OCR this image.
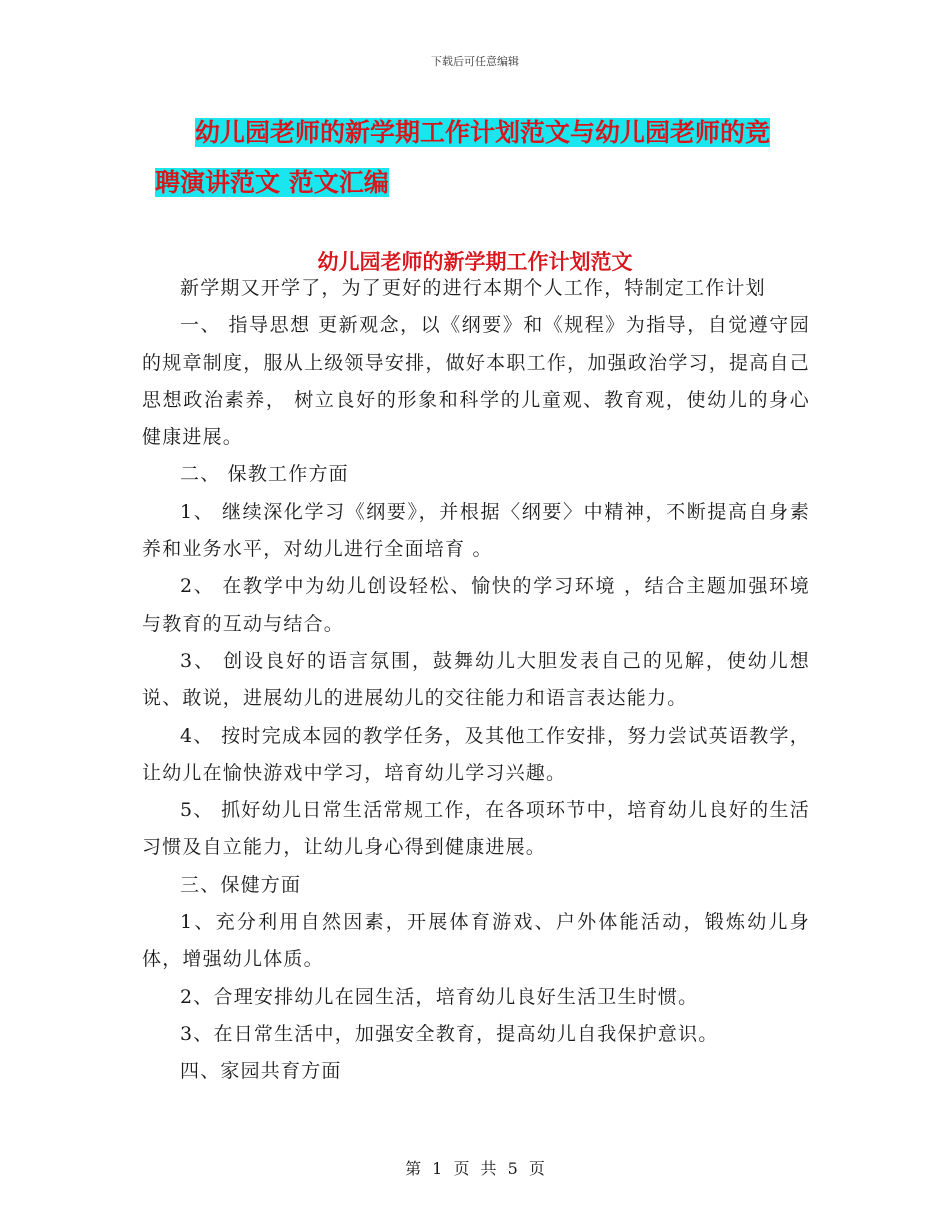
下载后可任意编辑
幼儿园老师的新学期工作计划范文与幼儿园老师的竞
聘演讲范文 范文汇编
幼儿园老师的新学期工作计划范文

新学期又开学了，为了更好的进行本期个人工作，特制定工作计划

一、 指导思想 更新观念，以《纲要》和《规程》为指导，自觉遵守园的规章制度，服从上级领导安排，做好本职工作，加强政治学习，提高自己思想政治素养， 树立良好的形象和科学的儿童观、教育观，使幼儿的身心健康进展。

二、 保教工作方面

1、 继续深化学习《纲要》，并根据〈纲要〉中精神，不断提高自身素养和业务水平，对幼儿进行全面培育 。

2、 在教学中为幼儿创设轻松、愉快的学习环境 ，结合主题加强环境与教育的互动与结合。

3、 创设良好的语言氛围，鼓舞幼儿大胆发表自己的见解，使幼儿想说、敢说，进展幼儿的进展幼儿的交往能力和语言表达能力。

4、 按时完成本园的教学任务，及其他工作安排，努力尝试英语教学，让幼儿在愉快游戏中学习，培育幼儿学习兴趣。

5、 抓好幼儿日常生活常规工作，在各项环节中，培育幼儿良好的生活习惯及自立能力，让幼儿身心得到健康进展。

三、保健方面

1、充分利用自然因素，开展体育游戏、户外体能活动，锻炼幼儿身体，增强幼儿体质。

2、合理安排幼儿在园生活，培育幼儿良好生活卫生时惯。

3、在日常生活中，加强安全教育，提高幼儿自我保护意识。

四、家园共育方面

第 1 页 共 5 页
